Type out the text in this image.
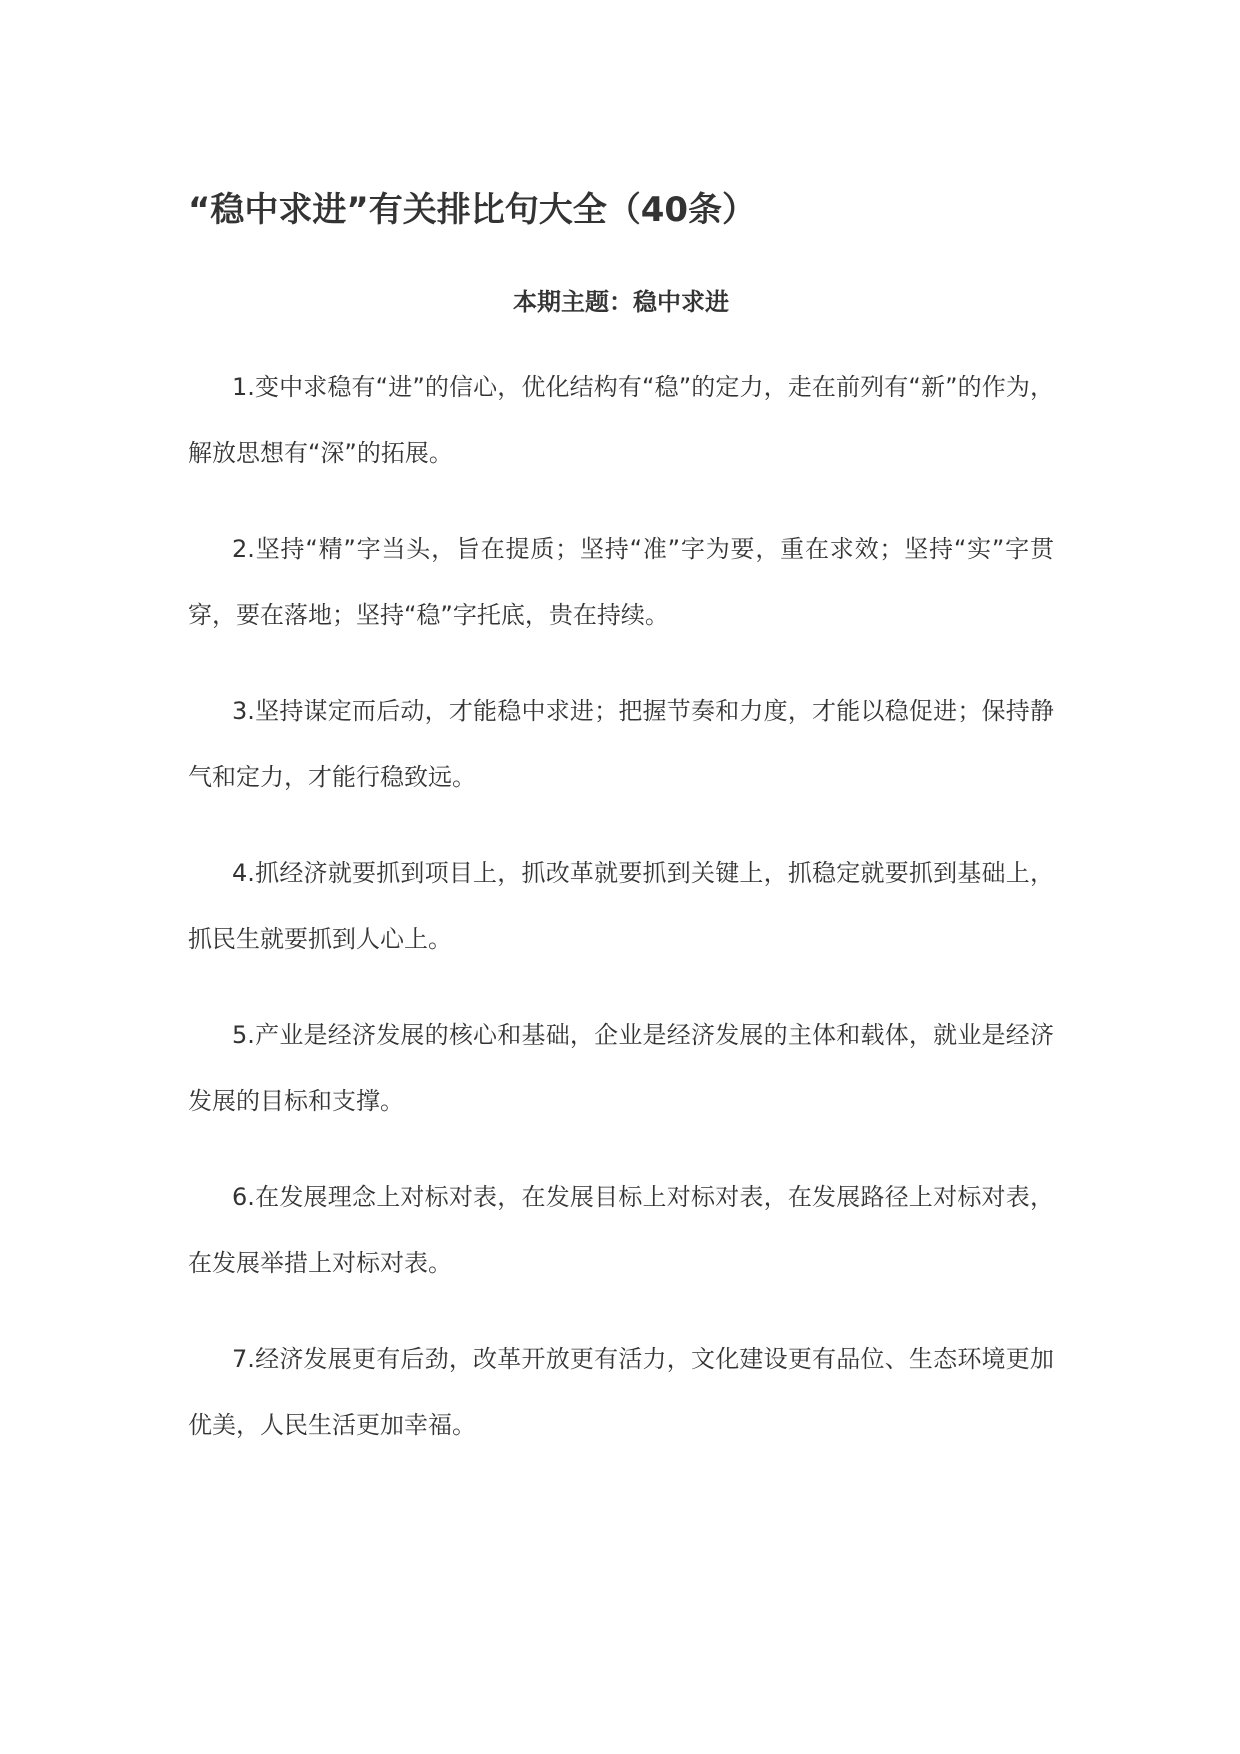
“稳中求进”有关排比句大全（40条）
本期主题：稳中求进
1.变中求稳有“进”的信心，优化结构有“稳”的定力，走在前列有“新”的作为，解放思想有“深”的拓展。
2.坚持“精”字当头，旨在提质；坚持“准”字为要，重在求效；坚持“实”字贯穿，要在落地；坚持“稳”字托底，贵在持续。
3.坚持谋定而后动，才能稳中求进；把握节奏和力度，才能以稳促进；保持静气和定力，才能行稳致远。
4.抓经济就要抓到项目上，抓改革就要抓到关键上，抓稳定就要抓到基础上，抓民生就要抓到人心上。
5.产业是经济发展的核心和基础，企业是经济发展的主体和载体，就业是经济发展的目标和支撑。
6.在发展理念上对标对表，在发展目标上对标对表，在发展路径上对标对表，在发展举措上对标对表。
7.经济发展更有后劲，改革开放更有活力，文化建设更有品位、生态环境更加优美，人民生活更加幸福。
